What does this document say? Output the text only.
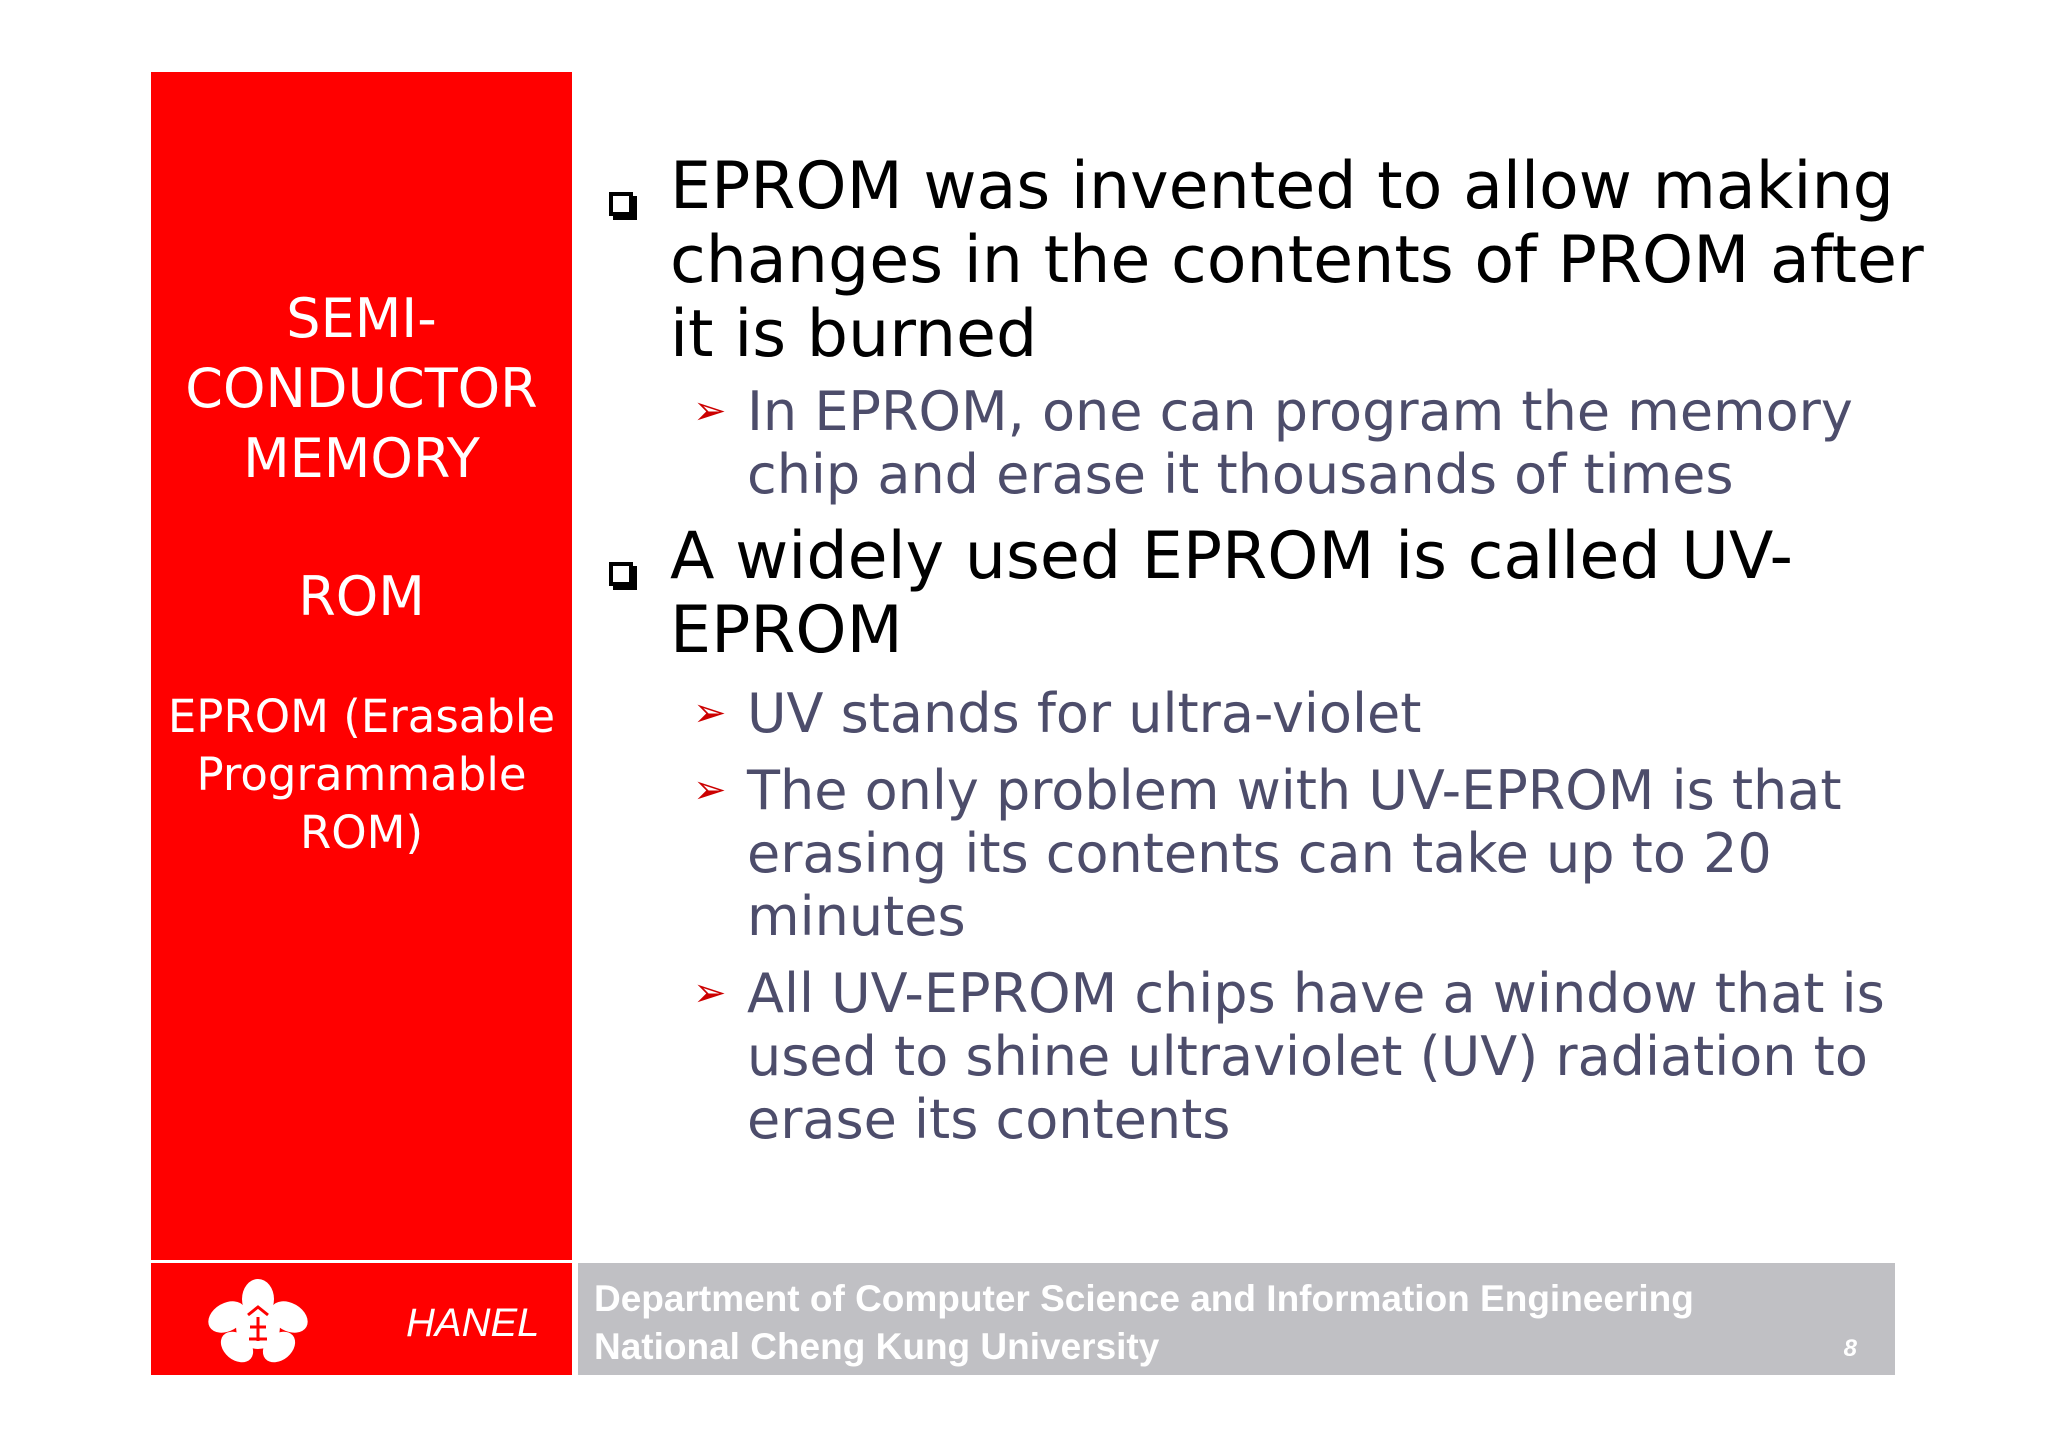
SEMI-
CONDUCTOR
MEMORY
ROM
EPROM (Erasable
Programmable
ROM)
EPROM was invented to allow making changes in the contents of PROM after it is burned
➢ In EPROM, one can program the memory chip and erase it thousands of times
A widely used EPROM is called UV-EPROM
➢ UV stands for ultra-violet
➢ The only problem with UV-EPROM is that erasing its contents can take up to 20 minutes
➢ All UV-EPROM chips have a window that is used to shine ultraviolet (UV) radiation to erase its contents
HANEL
Department of Computer Science and Information Engineering
National Cheng Kung University	8
